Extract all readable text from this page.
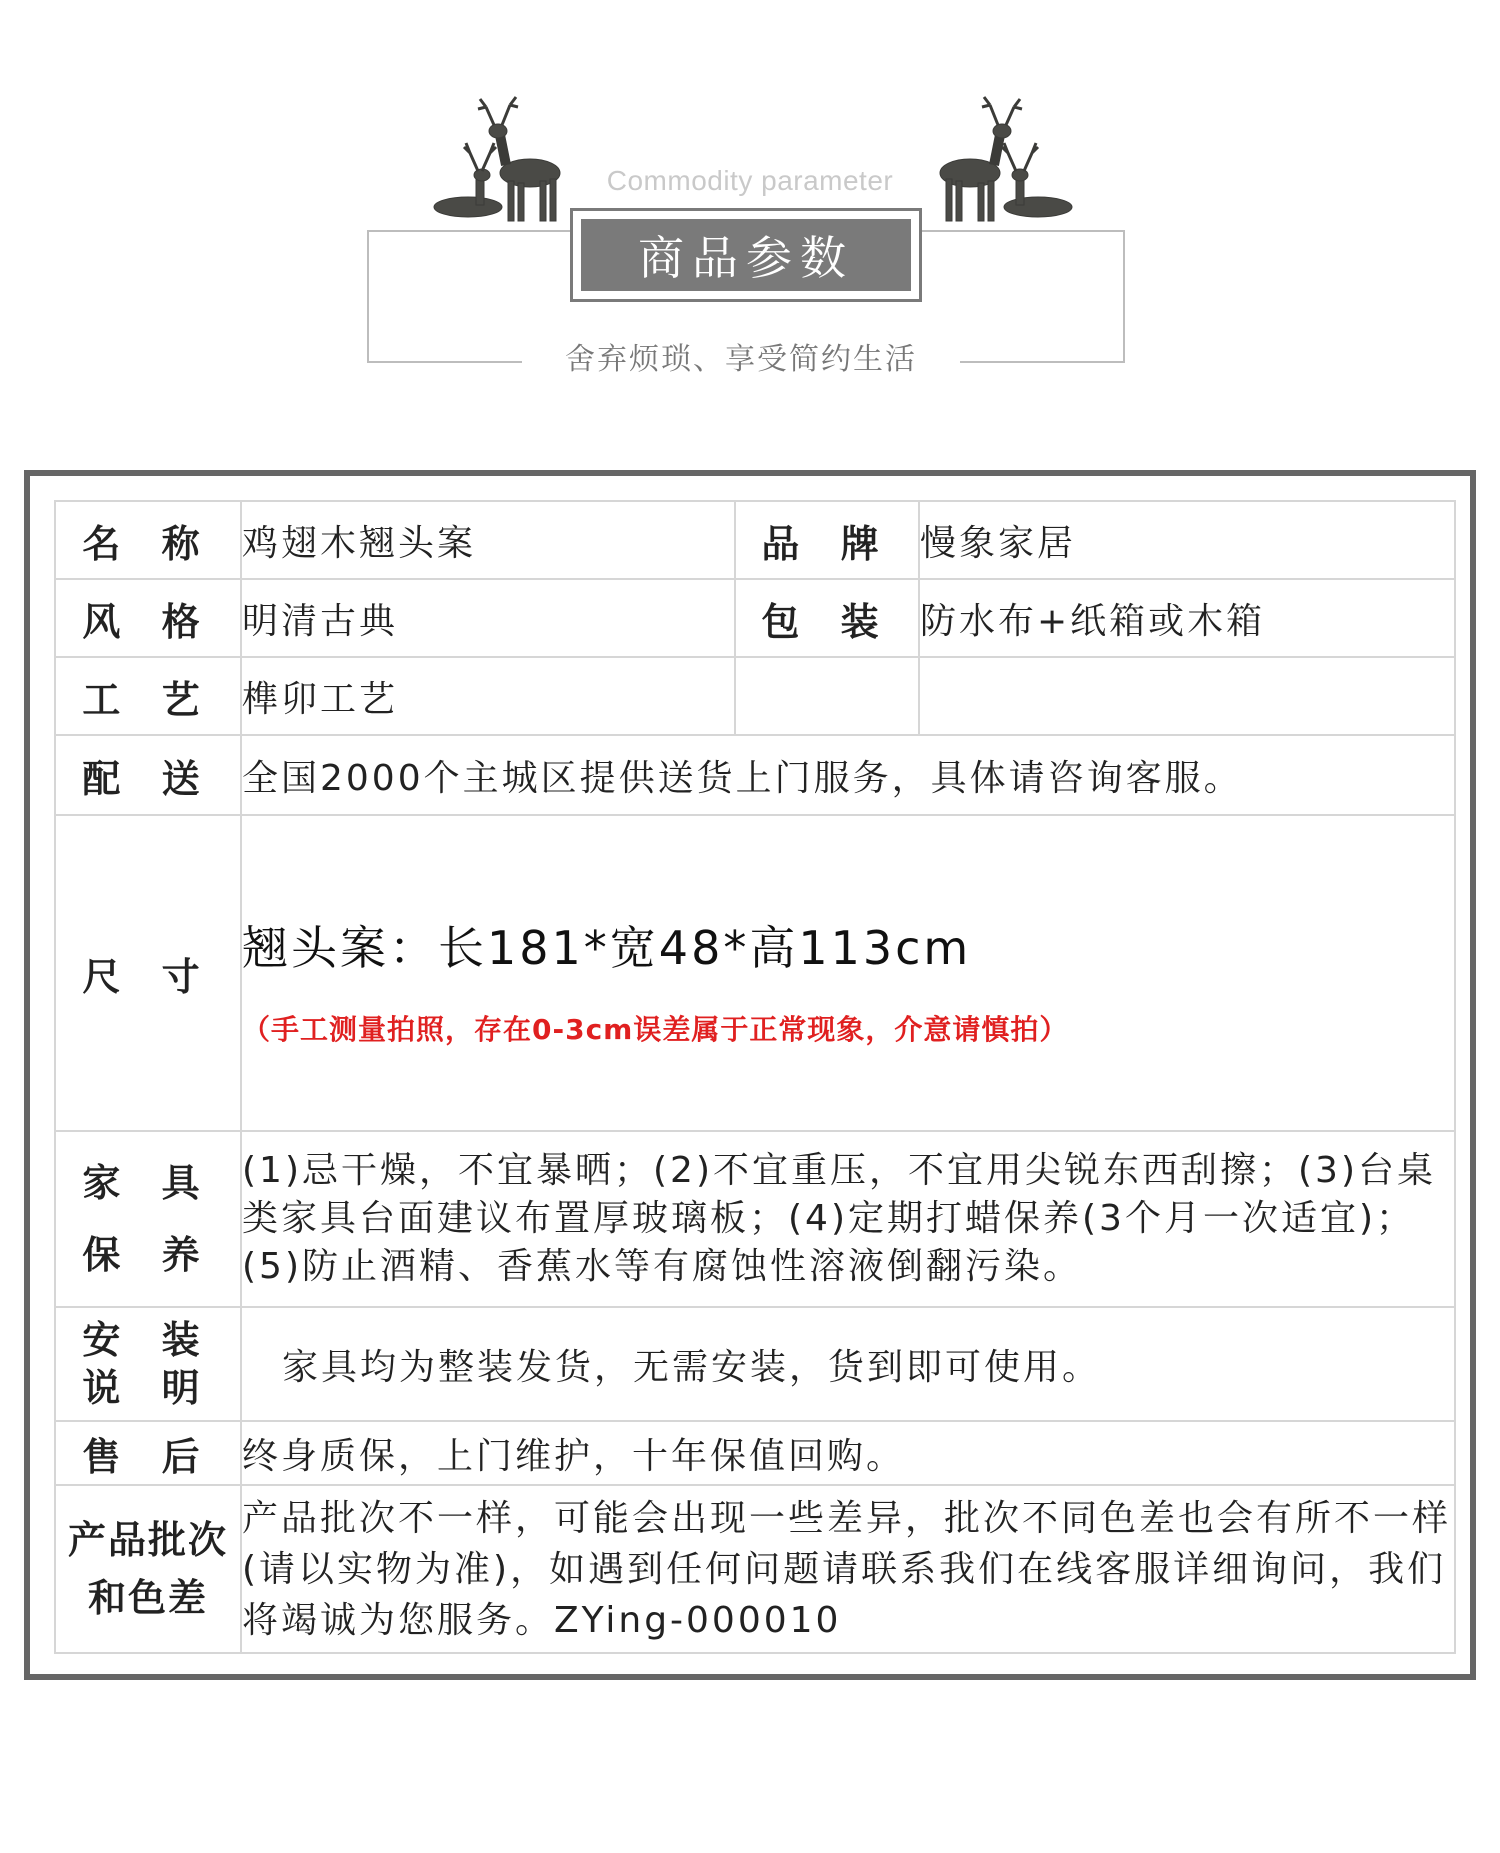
Commodity parameter
商品参数
舍弃烦琐、享受简约生活
名 称	鸡翅木翘头案	品 牌	慢象家居
风 格	明清古典	包 装	防水布+纸箱或木箱
工 艺	榫卯工艺		
配 送	全国2000个主城区提供送货上门服务，具体请咨询客服。		
尺 寸	翘头案：长181*宽48*高113cm
（手工测量拍照，存在0-3cm误差属于正常现象，介意请慎拍）		

家 具
保 养	(1)忌干燥，不宜暴晒；(2)不宜重压，不宜用尖锐东西刮擦；(3)台桌类家具台面建议布置厚玻璃板；(4)定期打蜡保养(3个月一次适宜)；(5)防止酒精、香蕉水等有腐蚀性溶液倒翻污染。		

安 装
说 明	家具均为整装发货，无需安装，货到即可使用。		
售 后	终身质保，上门维护，十年保值回购。		

产品批次
和色差	产品批次不一样，可能会出现一些差异，批次不同色差也会有所不一样(请以实物为准)，如遇到任何问题请联系我们在线客服详细询问，我们将竭诚为您服务。ZYing-000010		
